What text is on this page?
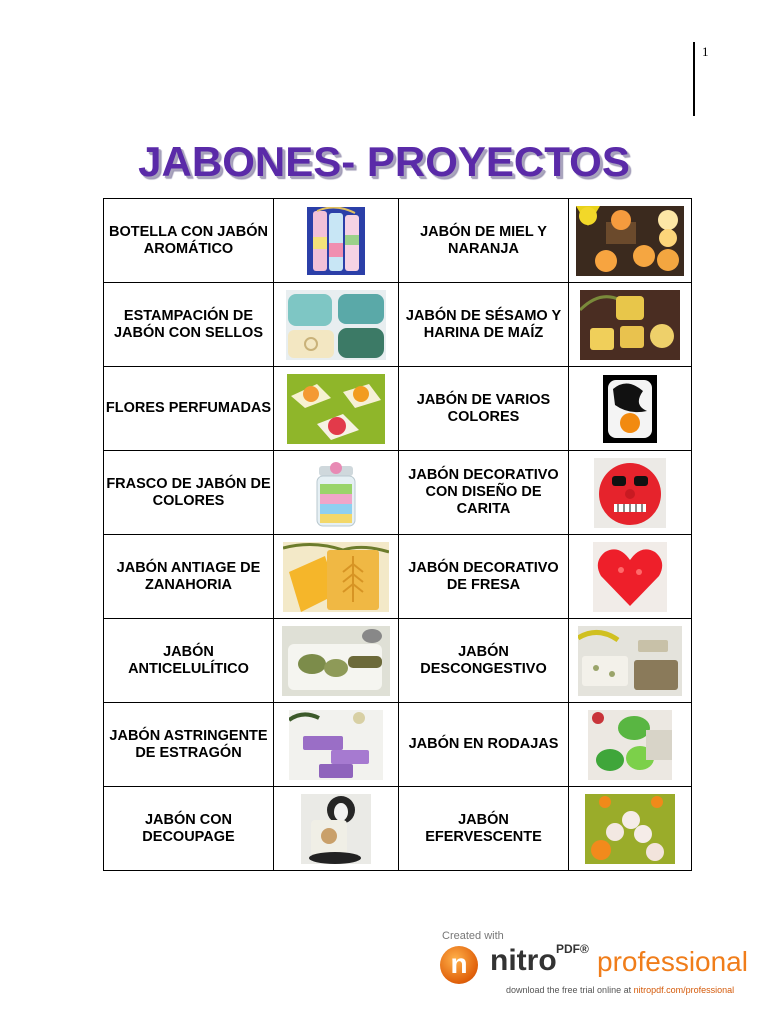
1
JABONES- PROYECTOS
BOTELLA CON JABÓN AROMÁTICO		JABÓN DE MIEL Y NARANJA	
ESTAMPACIÓN DE JABÓN CON SELLOS		JABÓN DE SÉSAMO Y HARINA DE MAÍZ	
FLORES PERFUMADAS		JABÓN DE VARIOS COLORES	
FRASCO DE JABÓN DE COLORES		JABÓN DECORATIVO CON DISEÑO DE CARITA	
JABÓN ANTIAGE DE ZANAHORIA		JABÓN DECORATIVO DE FRESA	
JABÓN ANTICELULÍTICO		JABÓN DESCONGESTIVO	
JABÓN ASTRINGENTE DE ESTRAGÓN		JABÓN EN RODAJAS	
JABÓN CON DECOUPAGE		JABÓN EFERVESCENTE	
Created with
n nitro PDF® professional
download the free trial online at nitropdf.com/professional
